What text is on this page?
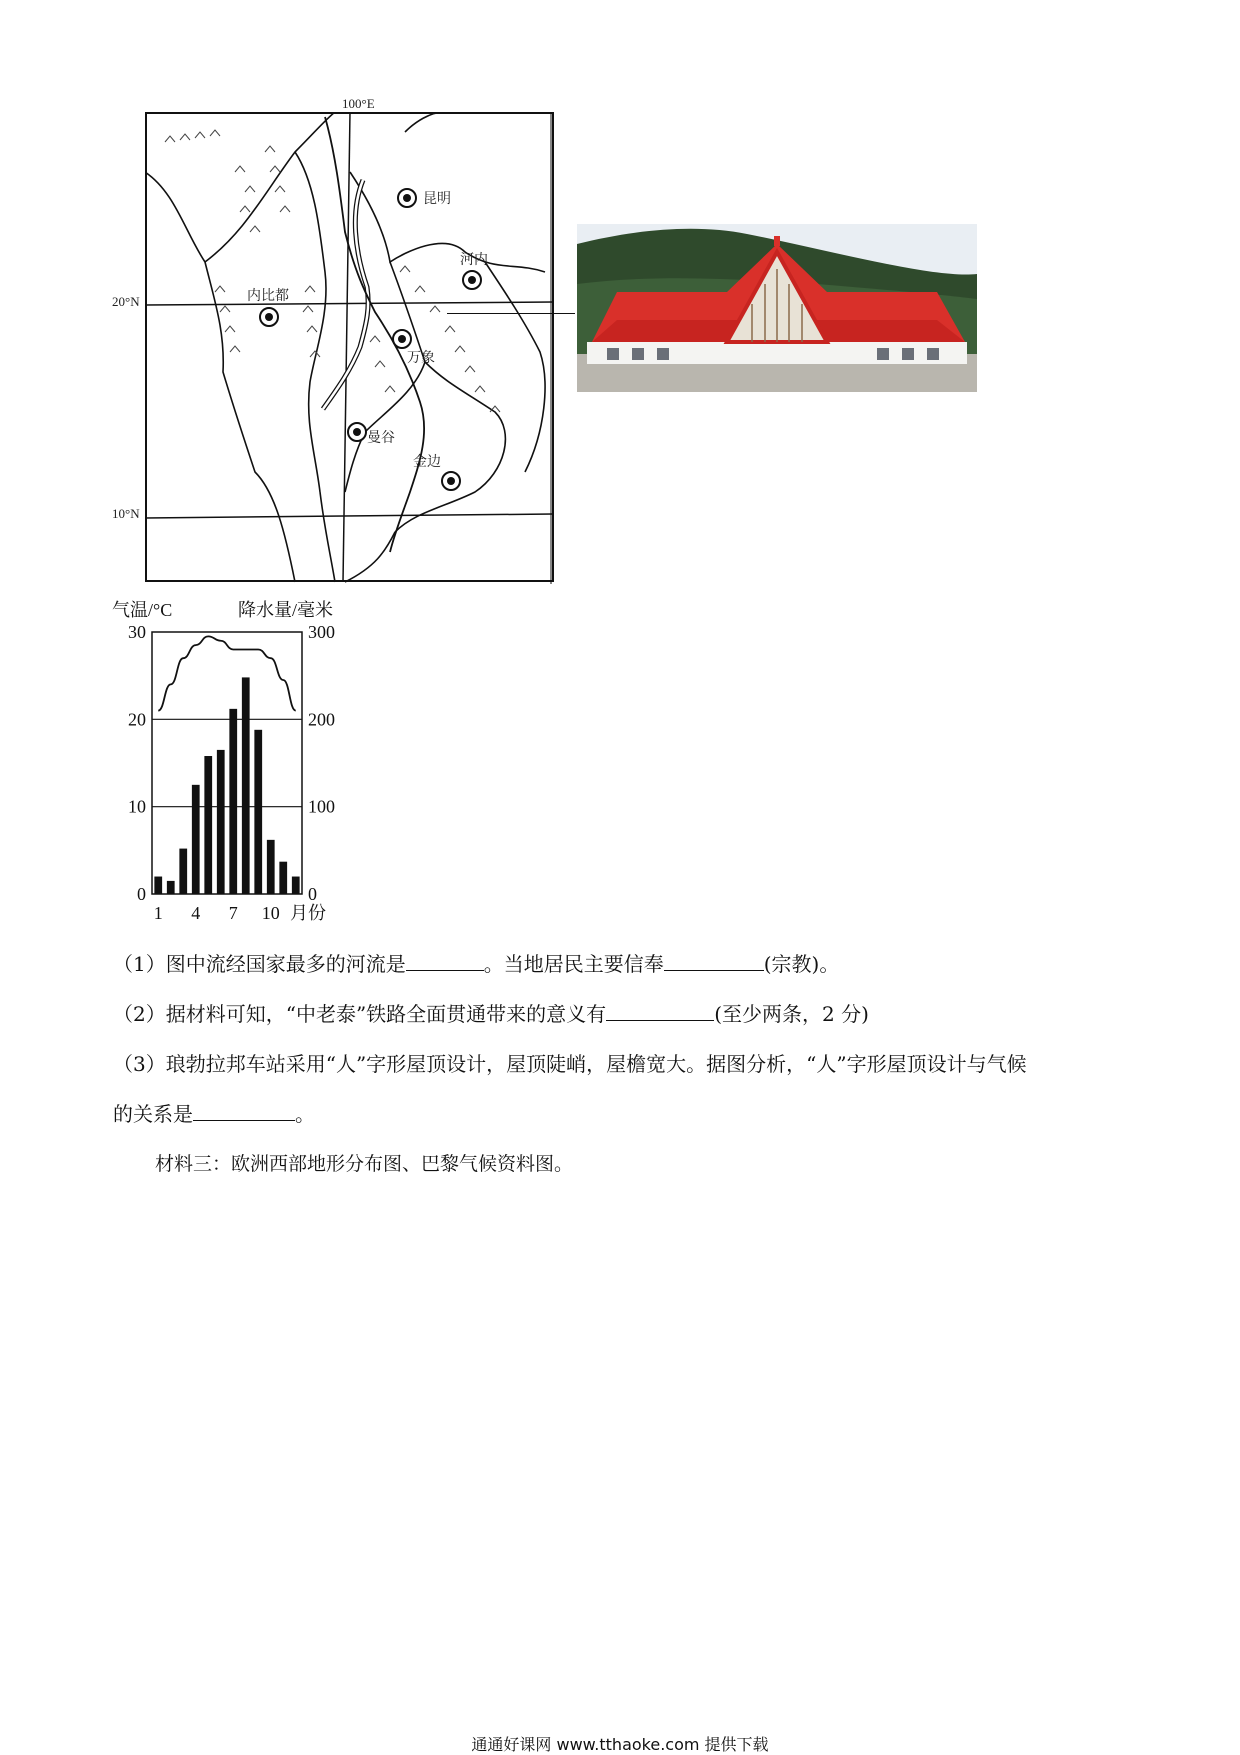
100°E
20°N
10°N
昆明
河内
内比都
万象
曼谷
金边
气温/°C	降水量/毫米
30
20
10
0
300
200
100
0
1 4 7 10 月份
（1）图中流经国家最多的河流是	。当地居民主要信奉	(宗教)。
（2）据材料可知，“中老泰”铁路全面贯通带来的意义有	(至少两条，2 分)
（3）琅勃拉邦车站采用“人”字形屋顶设计，屋顶陡峭，屋檐宽大。据图分析，“人”字形屋顶设计与气候
的关系是	。
材料三：欧洲西部地形分布图、巴黎气候资料图。
通通好课网 www.tthaoke.com 提供下载
